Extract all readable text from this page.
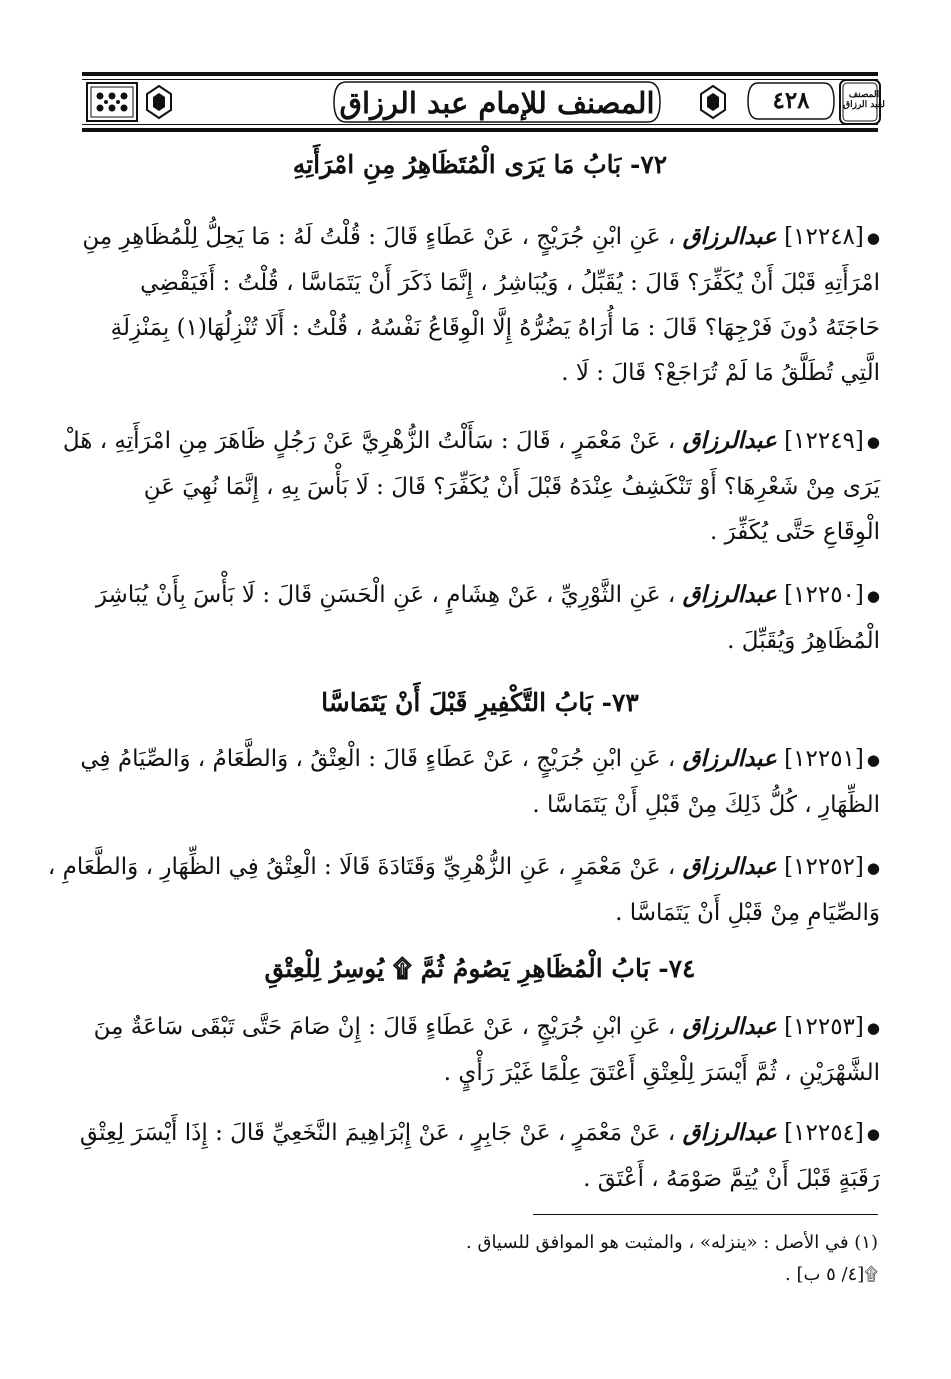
المصنف للإمام عبد الرزاق	٤٢٨	المصنف لعبد الرزاق
٧٢- بَابُ مَا يَرَى الْمُتَظَاهِرُ مِنِ امْرَأَتِهِ
●[١٢٢٤٨] عبدالرزاق ، عَنِ ابْنِ جُرَيْجٍ ، عَنْ عَطَاءٍ قَالَ : قُلْتُ لَهُ : مَا يَحِلُّ لِلْمُظَاهِرِ مِنِ
امْرَأَتِهِ قَبْلَ أَنْ يُكَفِّرَ؟ قَالَ : يُقَبِّلُ ، وَيُبَاشِرُ ، إِنَّمَا ذَكَرَ أَنْ يَتَمَاسَّا ، قُلْتُ : أَفَيَقْضِي
حَاجَتَهُ دُونَ فَرْجِهَا؟ قَالَ : مَا أُرَاهُ يَضُرُّهُ إِلَّا الْوِقَاعُ نَفْسُهُ ، قُلْتُ : أَلَا تُنْزِلُهَا(١) بِمَنْزِلَةِ
الَّتِي تُطَلَّقُ مَا لَمْ تُرَاجَعْ؟ قَالَ : لَا .
●[١٢٢٤٩] عبدالرزاق ، عَنْ مَعْمَرٍ ، قَالَ : سَأَلْتُ الزُّهْرِيَّ عَنْ رَجُلٍ ظَاهَرَ مِنِ امْرَأَتِهِ ، هَلْ
يَرَى مِنْ شَعْرِهَا؟ أَوْ تَنْكَشِفُ عِنْدَهُ قَبْلَ أَنْ يُكَفِّرَ؟ قَالَ : لَا بَأْسَ بِهِ ، إِنَّمَا نُهِيَ عَنِ
الْوِقَاعِ حَتَّى يُكَفِّرَ .
●[١٢٢٥٠] عبدالرزاق ، عَنِ الثَّوْرِيِّ ، عَنْ هِشَامٍ ، عَنِ الْحَسَنِ قَالَ : لَا بَأْسَ بِأَنْ يُبَاشِرَ
الْمُظَاهِرُ وَيُقَبِّلَ .
٧٣- بَابُ التَّكْفِيرِ قَبْلَ أَنْ يَتَمَاسَّا
●[١٢٢٥١] عبدالرزاق ، عَنِ ابْنِ جُرَيْجٍ ، عَنْ عَطَاءٍ قَالَ : الْعِتْقُ ، وَالطَّعَامُ ، وَالصِّيَامُ فِي
الظِّهَارِ ، كُلُّ ذَلِكَ مِنْ قَبْلِ أَنْ يَتَمَاسَّا .
●[١٢٢٥٢] عبدالرزاق ، عَنْ مَعْمَرٍ ، عَنِ الزُّهْرِيِّ وَقَتَادَةَ قَالَا : الْعِتْقُ فِي الظِّهَارِ ، وَالطَّعَامِ ،
وَالصِّيَامِ مِنْ قَبْلِ أَنْ يَتَمَاسَّا .
٧٤- بَابُ الْمُظَاهِرِ يَصُومُ ثُمَّ ۩ يُوسِرُ لِلْعِتْقِ
●[١٢٢٥٣] عبدالرزاق ، عَنِ ابْنِ جُرَيْجٍ ، عَنْ عَطَاءٍ قَالَ : إِنْ صَامَ حَتَّى تَبْقَى سَاعَةٌ مِنَ
الشَّهْرَيْنِ ، ثُمَّ أَيْسَرَ لِلْعِتْقِ أَعْتَقَ عِلْمًا غَيْرَ رَأْيٍ .
●[١٢٢٥٤] عبدالرزاق ، عَنْ مَعْمَرٍ ، عَنْ جَابِرٍ ، عَنْ إِبْرَاهِيمَ النَّخَعِيِّ قَالَ : إِذَا أَيْسَرَ لِعِتْقِ
رَقَبَةٍ قَبْلَ أَنْ يُتِمَّ صَوْمَهُ ، أَعْتَقَ .
(١) في الأصل : «ينزله» ، والمثبت هو الموافق للسياق .
۩[٤/ ٥ ب] .
